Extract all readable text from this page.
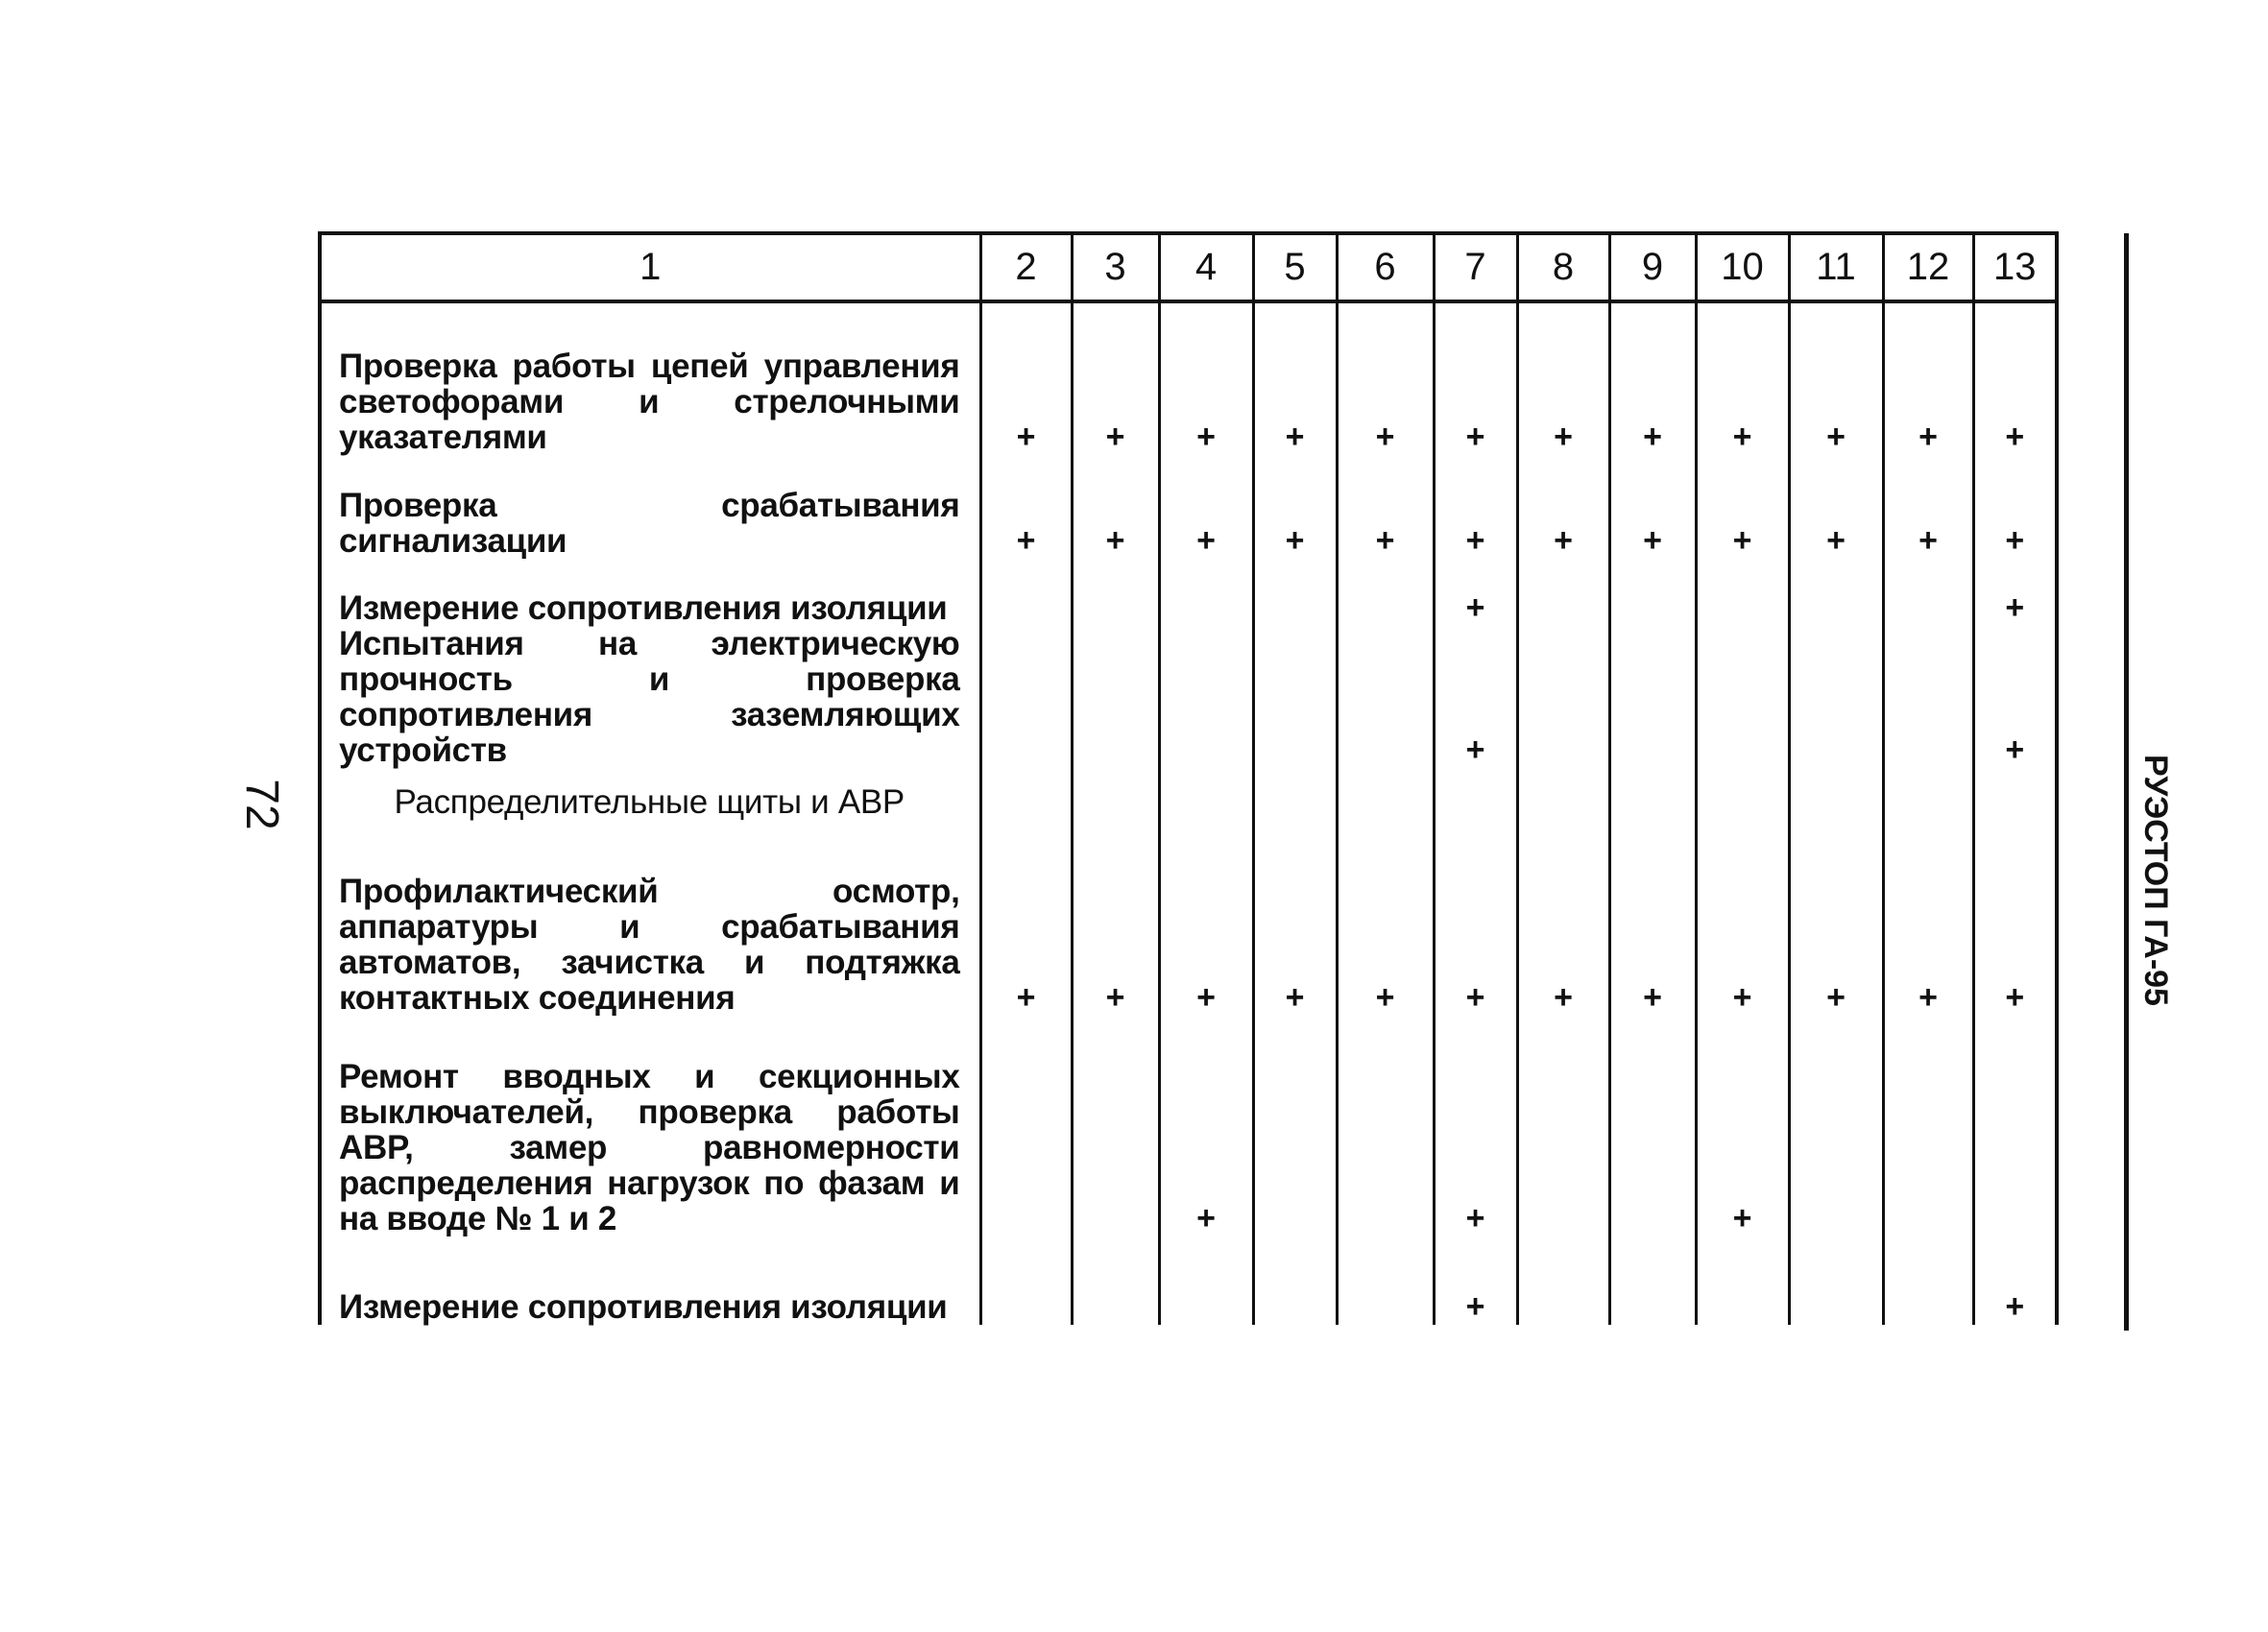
72	РУЭСТОП ГА-95
1	2	3	4	5	6	7	8	9	10	11	12	13
Проверка работы цепей управления светофорами и стрелочными указателями	+	+	+	+	+	+	+	+	+	+	+	+
Проверка срабатывания сигнализации	+	+	+	+	+	+	+	+	+	+	+	+
Измерение сопротивления изоляции						+						+
Испытания на электрическую прочность и проверка сопротивления заземляющих устройств						+						+
Распределительные щиты и АВР												
Профилактический осмотр, аппаратуры и срабатывания автоматов, зачистка и подтяжка контактных соединения	+	+	+	+	+	+	+	+	+	+	+	+
Ремонт вводных и секционных выключателей, проверка работы АВР, замер равномерности распределения нагрузок по фазам и на вводе № 1 и 2			+			+			+			
Измерение сопротивления изоляции						+						+
